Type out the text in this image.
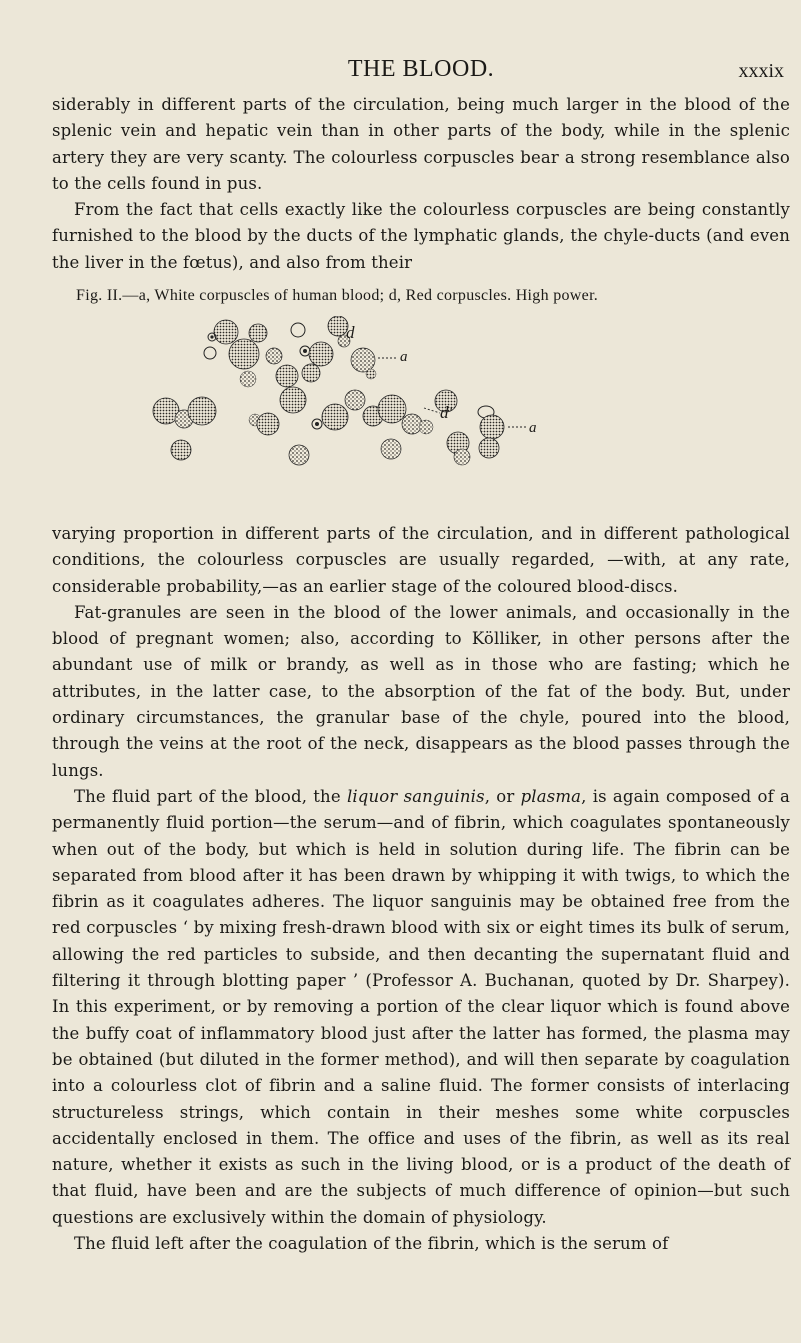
THE BLOOD.	xxxix

siderably in different parts of the circulation, being much larger in the blood of the splenic vein and hepatic vein than in other parts of the body, while in the splenic artery they are very scanty. The colourless corpuscles bear a strong resemblance also to the cells found in pus.

From the fact that cells exactly like the colourless corpuscles are being constantly furnished to the blood by the ducts of the lymphatic glands, the chyle-ducts (and even the liver in the fœtus), and also from their

Fig. II.—a, White corpuscles of human blood; d, Red corpuscles. High power.
d
a
d′
a

varying proportion in different parts of the circulation, and in different pathological conditions, the colourless corpuscles are usually regarded, —with, at any rate, considerable probability,—as an earlier stage of the coloured blood-discs.

Fat-granules are seen in the blood of the lower animals, and occasionally in the blood of pregnant women; also, according to Kölliker, in other persons after the abundant use of milk or brandy, as well as in those who are fasting; which he attributes, in the latter case, to the absorption of the fat of the body. But, under ordinary circumstances, the granular base of the chyle, poured into the blood, through the veins at the root of the neck, disappears as the blood passes through the lungs.

The fluid part of the blood, the liquor sanguinis, or plasma, is again composed of a permanently fluid portion—the serum—and of fibrin, which coagulates spontaneously when out of the body, but which is held in solution during life. The fibrin can be separated from blood after it has been drawn by whipping it with twigs, to which the fibrin as it coagulates adheres. The liquor sanguinis may be obtained free from the red corpuscles ‘ by mixing fresh-drawn blood with six or eight times its bulk of serum, allowing the red particles to subside, and then decanting the supernatant fluid and filtering it through blotting paper ’ (Professor A. Buchanan, quoted by Dr. Sharpey). In this experiment, or by removing a portion of the clear liquor which is found above the buffy coat of inflammatory blood just after the latter has formed, the plasma may be obtained (but diluted in the former method), and will then separate by coagulation into a colourless clot of fibrin and a saline fluid. The former consists of interlacing structureless strings, which contain in their meshes some white corpuscles accidentally enclosed in them. The office and uses of the fibrin, as well as its real nature, whether it exists as such in the living blood, or is a product of the death of that fluid, have been and are the subjects of much difference of opinion—but such questions are exclusively within the domain of physiology.

The fluid left after the coagulation of the fibrin, which is the serum of
